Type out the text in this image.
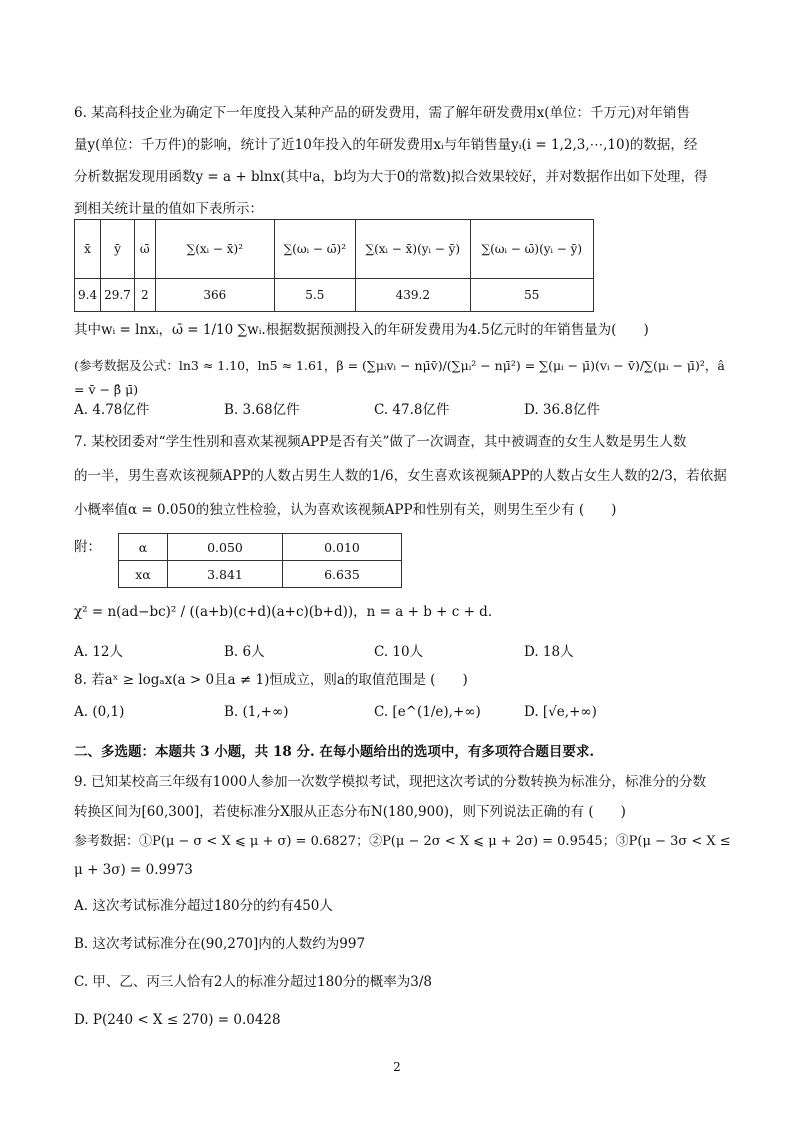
6. 某高科技企业为确定下一年度投入某种产品的研发费用，需了解年研发费用x(单位：千万元)对年销售

量y(单位：千万件)的影响，统计了近10年投入的年研发费用xᵢ与年销售量yᵢ(i = 1,2,3,⋯,10)的数据，经

分析数据发现用函数y = a + blnx(其中a，b均为大于0的常数)拟合效果较好，并对数据作出如下处理，得

到相关统计量的值如下表所示：

x̄	ȳ	ω̄	∑(xᵢ − x̄)²	∑(ωᵢ − ω̄)²	∑(xᵢ − x̄)(yᵢ − ȳ)	∑(ωᵢ − ω̄)(yᵢ − ȳ)
9.4	29.7	2	366	5.5	439.2	55

其中wᵢ = lnxᵢ，ω̄ = 1/10 ∑wᵢ.根据数据预测投入的年研发费用为4.5亿元时的年销售量为(　　)

(参考数据及公式：ln3 ≈ 1.10，ln5 ≈ 1.61，β = (∑μᵢvᵢ − nμ̄v̄)/(∑μᵢ² − nμ̄²) = ∑(μᵢ − μ̄)(vᵢ − v̄)/∑(μᵢ − μ̄)²，â = v̄ − β̂ μ̄)

A. 4.78亿件	B. 3.68亿件	C. 47.8亿件	D. 36.8亿件

7. 某校团委对“学生性别和喜欢某视频APP是否有关”做了一次调查，其中被调查的女生人数是男生人数

的一半，男生喜欢该视频APP的人数占男生人数的1/6，女生喜欢该视频APP的人数占女生人数的2/3，若依据

小概率值α = 0.050的独立性检验，认为喜欢该视频APP和性别有关，则男生至少有 (　　)

附：	α	0.050	0.010
xα	3.841	6.635
χ² = n(ad−bc)² / ((a+b)(c+d)(a+c)(b+d))，n = a + b + c + d.
A. 12人	B. 6人	C. 10人	D. 18人
8. 若aˣ ≥ logₐx(a > 0且a ≠ 1)恒成立，则a的取值范围是 (　　)
A. (0,1)	B. (1,+∞)	C. [e^(1/e),+∞)	D. [√e,+∞)
二、多选题：本题共 3 小题，共 18 分. 在每小题给出的选项中，有多项符合题目要求.

9. 已知某校高三年级有1000人参加一次数学模拟考试，现把这次考试的分数转换为标准分，标准分的分数

转换区间为[60,300]，若使标准分X服从正态分布N(180,900)，则下列说法正确的有 (　　)

参考数据：①P(μ − σ < X ⩽ μ + σ) = 0.6827；②P(μ − 2σ < X ⩽ μ + 2σ) = 0.9545；③P(μ − 3σ < X ≤

μ + 3σ) = 0.9973

A. 这次考试标准分超过180分的约有450人

B. 这次考试标准分在(90,270]内的人数约为997

C. 甲、乙、丙三人恰有2人的标准分超过180分的概率为3/8

D. P(240 < X ≤ 270) = 0.0428

2
